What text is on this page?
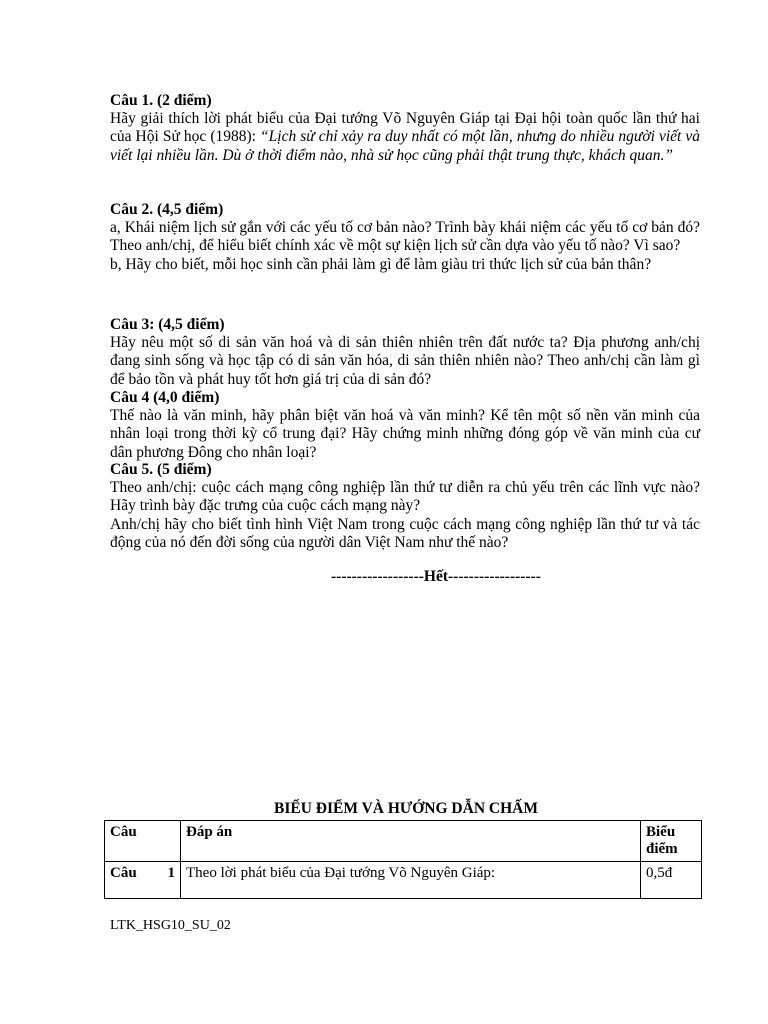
Câu 1. (2 điểm)

Hãy giải thích lời phát biểu của Đại tướng Võ Nguyên Giáp tại Đại hội toàn quốc lần thứ hai của Hội Sử học (1988): “Lịch sử chỉ xảy ra duy nhất có một lần, nhưng do nhiều người viết và viết lại nhiều lần. Dù ở thời điểm nào, nhà sử học cũng phải thật trung thực, khách quan.”

Câu 2. (4,5 điểm)

a, Khái niệm lịch sử gắn với các yếu tố cơ bản nào? Trình bày khái niệm các yếu tố cơ bản đó? Theo anh/chị, để hiểu biết chính xác về một sự kiện lịch sử cần dựa vào yếu tố nào? Vì sao?

b, Hãy cho biết, mỗi học sinh cần phải làm gì để làm giàu tri thức lịch sử của bản thân?

Câu 3: (4,5 điểm)

Hãy nêu một số di sản văn hoá và di sản thiên nhiên trên đất nước ta? Địa phương anh/chị đang sinh sống và học tập có di sản văn hóa, di sản thiên nhiên nào? Theo anh/chị cần làm gì để bảo tồn và phát huy tốt hơn giá trị của di sản đó?

Câu 4 (4,0 điểm)

Thế nào là văn minh, hãy phân biệt văn hoá và văn minh? Kể tên một số nền văn minh của nhân loại trong thời kỳ cổ trung đại? Hãy chứng minh những đóng góp về văn minh của cư dân phương Đông cho nhân loại?

Câu 5. (5 điểm)

Theo anh/chị: cuộc cách mạng công nghiệp lần thứ tư diễn ra chủ yếu trên các lĩnh vực nào? Hãy trình bày đặc trưng của cuộc cách mạng này?

Anh/chị hãy cho biết tình hình Việt Nam trong cuộc cách mạng công nghiệp lần thứ tư và tác động của nó đến đời sống của người dân Việt Nam như thế nào?

------------------Hết------------------
BIỂU ĐIỂM VÀ HƯỚNG DẪN CHẤM
Câu	Đáp án	Biểu điểm

Câu 1	Theo lời phát biểu của Đại tướng Võ Nguyên Giáp:	0,5đ
LTK_HSG10_SU_02
